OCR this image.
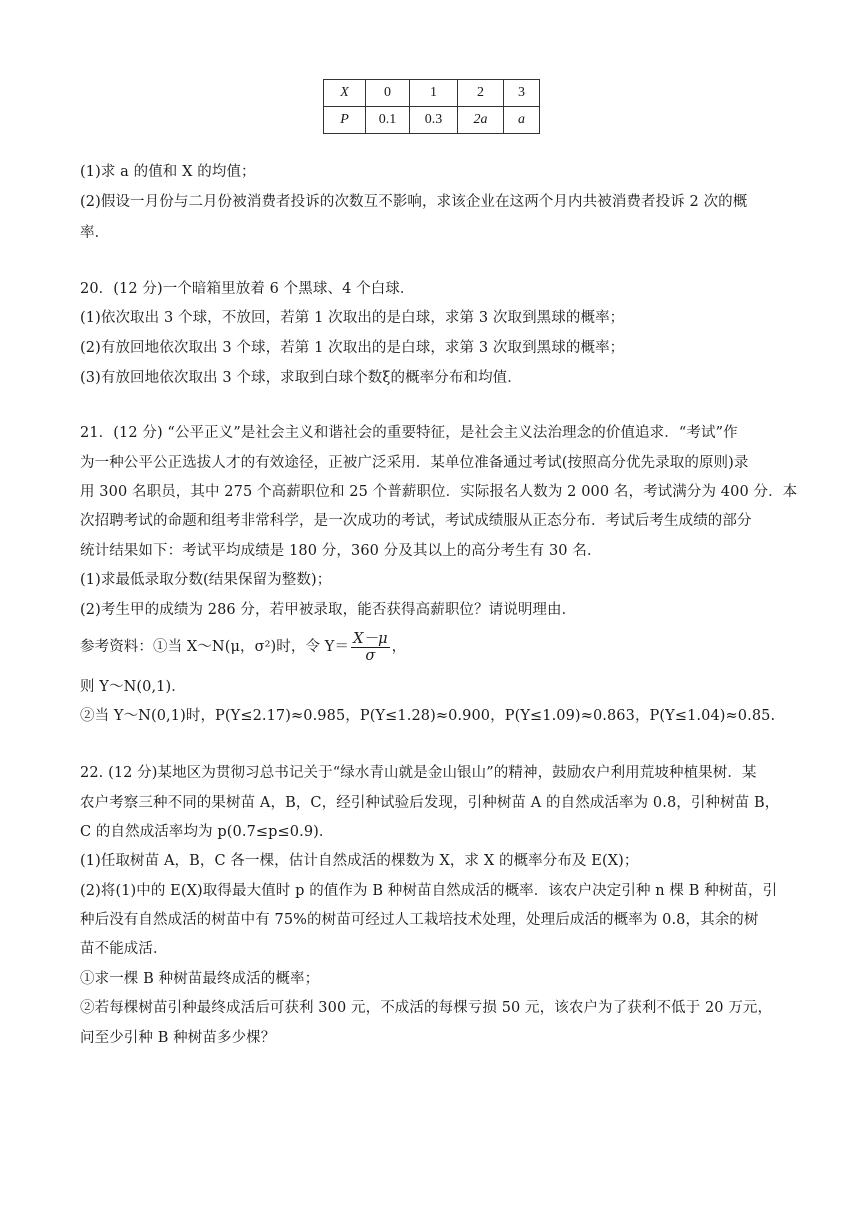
X	0	1	2	3
P	0.1	0.3	2a	a
(1)求 a 的值和 X 的均值；
(2)假设一月份与二月份被消费者投诉的次数互不影响，求该企业在这两个月内共被消费者投诉 2 次的概
率．
20．(12 分)一个暗箱里放着 6 个黑球、4 个白球．
(1)依次取出 3 个球，不放回，若第 1 次取出的是白球，求第 3 次取到黑球的概率；
(2)有放回地依次取出 3 个球，若第 1 次取出的是白球，求第 3 次取到黑球的概率；
(3)有放回地依次取出 3 个球，求取到白球个数ξ的概率分布和均值．
21．(12 分) “公平正义”是社会主义和谐社会的重要特征，是社会主义法治理念的价值追求．“考试”作
为一种公平公正选拔人才的有效途径，正被广泛采用．某单位准备通过考试(按照高分优先录取的原则)录
用 300 名职员，其中 275 个高薪职位和 25 个普薪职位．实际报名人数为 2 000 名，考试满分为 400 分．本
次招聘考试的命题和组考非常科学，是一次成功的考试，考试成绩服从正态分布．考试后考生成绩的部分
统计结果如下：考试平均成绩是 180 分，360 分及其以上的高分考生有 30 名．
(1)求最低录取分数(结果保留为整数)；
(2)考生甲的成绩为 286 分，若甲被录取，能否获得高薪职位？请说明理由．
参考资料：①当 X～N(μ，σ²)时，令 $Y= \frac{X-\mu}{\sigma}$ ，
则 Y～N(0,1)．
②当 Y～N(0,1)时，P(Y≤2.17)≈0.985，P(Y≤1.28)≈0.900，P(Y≤1.09)≈0.863，P(Y≤1.04)≈0.85.
22. (12 分)某地区为贯彻习总书记关于“绿水青山就是金山银山”的精神，鼓励农户利用荒坡种植果树．某
农户考察三种不同的果树苗 A，B，C，经引种试验后发现，引种树苗 A 的自然成活率为 0.8，引种树苗 B，
C 的自然成活率均为 p(0.7≤p≤0.9)．
(1)任取树苗 A，B，C 各一棵，估计自然成活的棵数为 X，求 X 的概率分布及 E(X)；
(2)将(1)中的 E(X)取得最大值时 p 的值作为 B 种树苗自然成活的概率．该农户决定引种 n 棵 B 种树苗，引
种后没有自然成活的树苗中有 75%的树苗可经过人工栽培技术处理，处理后成活的概率为 0.8，其余的树
苗不能成活．
①求一棵 B 种树苗最终成活的概率；
②若每棵树苗引种最终成活后可获利 300 元，不成活的每棵亏损 50 元，该农户为了获利不低于 20 万元，
问至少引种 B 种树苗多少棵？
